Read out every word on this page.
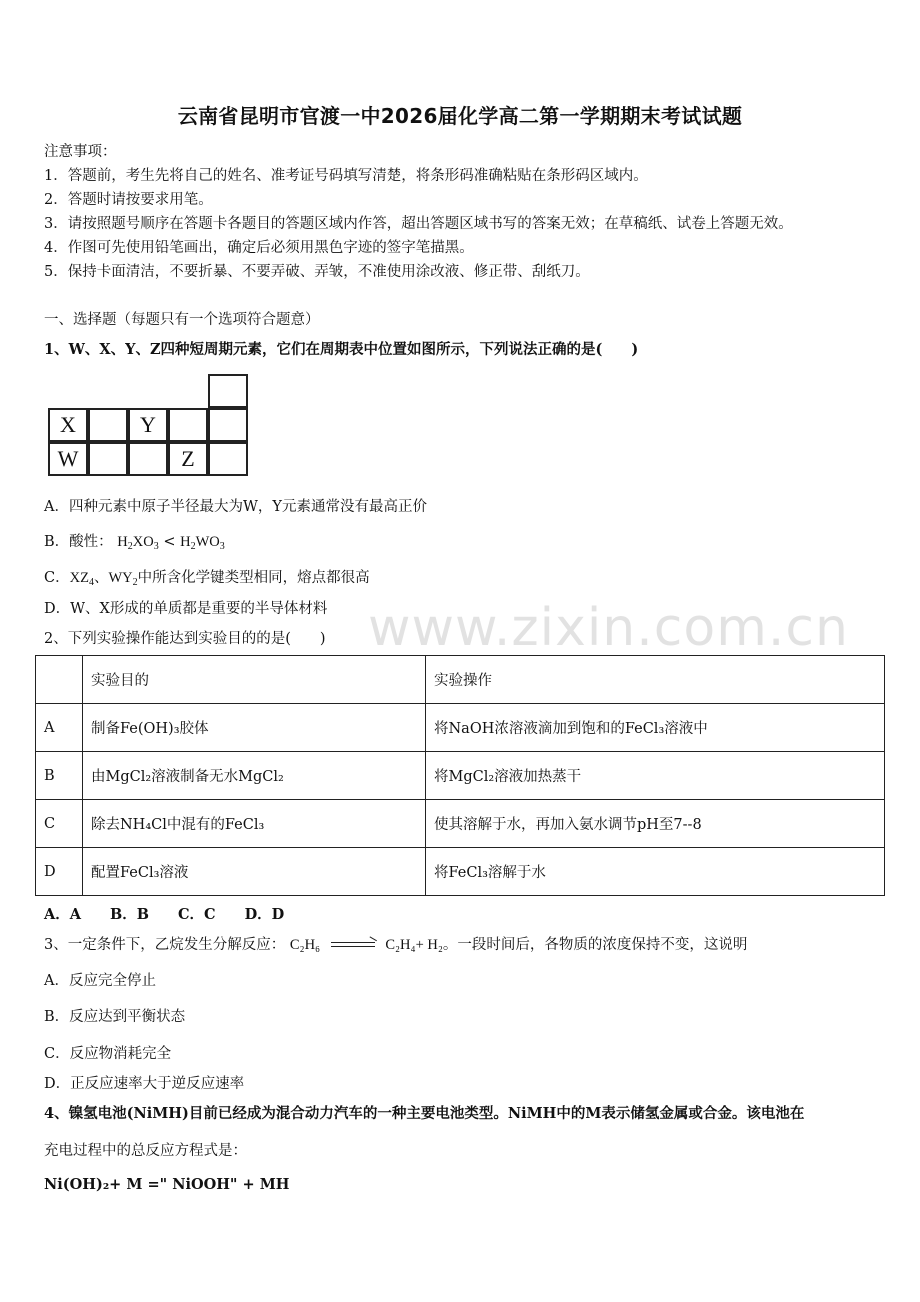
云南省昆明市官渡一中2026届化学高二第一学期期末考试试题
注意事项：
1．答题前，考生先将自己的姓名、准考证号码填写清楚，将条形码准确粘贴在条形码区域内。
2．答题时请按要求用笔。
3．请按照题号顺序在答题卡各题目的答题区域内作答，超出答题区域书写的答案无效；在草稿纸、试卷上答题无效。
4．作图可先使用铅笔画出，确定后必须用黑色字迹的签字笔描黑。
5．保持卡面清洁，不要折暴、不要弄破、弄皱，不准使用涂改液、修正带、刮纸刀。
一、选择题（每题只有一个选项符合题意）
1、W、X、Y、Z四种短周期元素，它们在周期表中位置如图所示，下列说法正确的是(　　)
X	Y
W	Z
A．四种元素中原子半径最大为W，Y元素通常没有最高正价
B．酸性： $H_2XO_3 < H_2WO_3$
C．$XZ_4$、$WY_2$中所含化学键类型相同，熔点都很高
D．W、X形成的单质都是重要的半导体材料
2、下列实验操作能达到实验目的的是(　　) www.zixin.com.cn
	实验目的	实验操作
A	制备Fe(OH)₃胶体	将NaOH浓溶液滴加到饱和的FeCl₃溶液中
B	由MgCl₂溶液制备无水MgCl₂	将MgCl₂溶液加热蒸干
C	除去NH₄Cl中混有的FeCl₃	使其溶解于水，再加入氨水调节pH至7--8
D	配置FeCl₃溶液	将FeCl₃溶解于水
A．A　　B．B　　C．C　　D．D
3、一定条件下，乙烷发生分解反应： C₂H₆ → C₂H₄+ H₂。一段时间后，各物质的浓度保持不变，这说明
A．反应完全停止
B．反应达到平衡状态
C．反应物消耗完全
D．正反应速率大于逆反应速率
4、镍氢电池(NiMH)目前已经成为混合动力汽车的一种主要电池类型。NiMH中的M表示储氢金属或合金。该电池在
充电过程中的总反应方程式是：
Ni(OH)₂+ M =" NiOOH" + MH
